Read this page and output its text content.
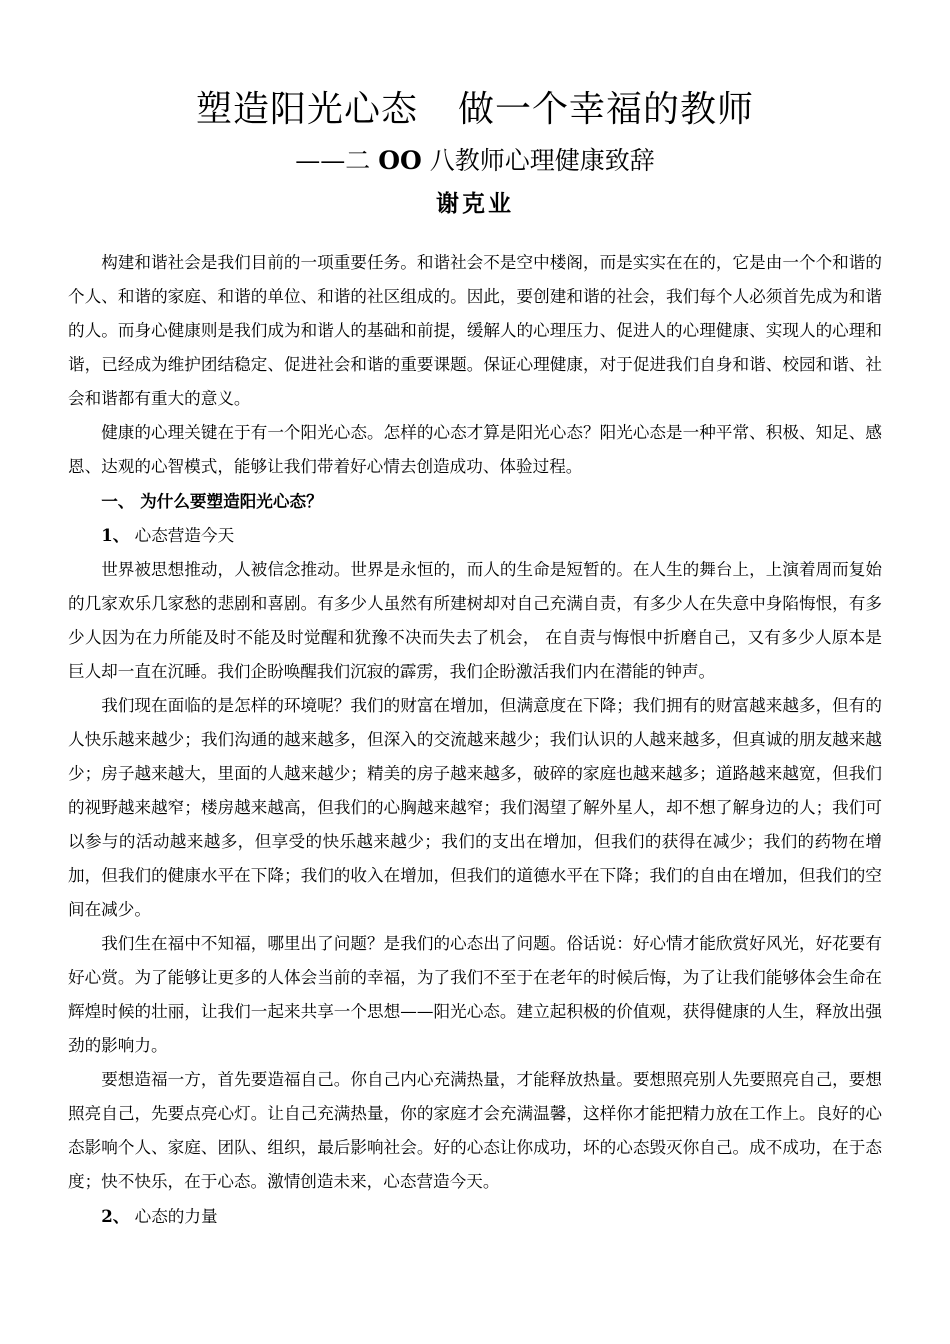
塑造阳光心态 做一个幸福的教师
——二 OO 八教师心理健康致辞
谢克业

构建和谐社会是我们目前的一项重要任务。和谐社会不是空中楼阁，而是实实在在的，它是由一个个和谐的个人、和谐的家庭、和谐的单位、和谐的社区组成的。因此，要创建和谐的社会，我们每个人必须首先成为和谐的人。而身心健康则是我们成为和谐人的基础和前提，缓解人的心理压力、促进人的心理健康、实现人的心理和谐，已经成为维护团结稳定、促进社会和谐的重要课题。保证心理健康，对于促进我们自身和谐、校园和谐、社会和谐都有重大的意义。

健康的心理关键在于有一个阳光心态。怎样的心态才算是阳光心态？阳光心态是一种平常、积极、知足、感恩、达观的心智模式，能够让我们带着好心情去创造成功、体验过程。

一、 为什么要塑造阳光心态？

1、 心态营造今天

世界被思想推动，人被信念推动。世界是永恒的，而人的生命是短暂的。在人生的舞台上，上演着周而复始的几家欢乐几家愁的悲剧和喜剧。有多少人虽然有所建树却对自己充满自责，有多少人在失意中身陷悔恨，有多少人因为在力所能及时不能及时觉醒和犹豫不决而失去了机会， 在自责与悔恨中折磨自己，又有多少人原本是巨人却一直在沉睡。我们企盼唤醒我们沉寂的霹雳，我们企盼激活我们内在潜能的钟声。

我们现在面临的是怎样的环境呢？我们的财富在增加，但满意度在下降；我们拥有的财富越来越多，但有的人快乐越来越少；我们沟通的越来越多，但深入的交流越来越少；我们认识的人越来越多，但真诚的朋友越来越少；房子越来越大，里面的人越来越少；精美的房子越来越多，破碎的家庭也越来越多；道路越来越宽，但我们的视野越来越窄；楼房越来越高，但我们的心胸越来越窄；我们渴望了解外星人，却不想了解身边的人；我们可以参与的活动越来越多，但享受的快乐越来越少；我们的支出在增加，但我们的获得在减少；我们的药物在增加，但我们的健康水平在下降；我们的收入在增加，但我们的道德水平在下降；我们的自由在增加，但我们的空间在减少。

我们生在福中不知福，哪里出了问题？是我们的心态出了问题。俗话说：好心情才能欣赏好风光，好花要有好心赏。为了能够让更多的人体会当前的幸福，为了我们不至于在老年的时候后悔，为了让我们能够体会生命在辉煌时候的壮丽，让我们一起来共享一个思想——阳光心态。建立起积极的价值观，获得健康的人生，释放出强劲的影响力。

要想造福一方，首先要造福自己。你自己内心充满热量，才能释放热量。要想照亮别人先要照亮自己，要想照亮自己，先要点亮心灯。让自己充满热量，你的家庭才会充满温馨，这样你才能把精力放在工作上。良好的心态影响个人、家庭、团队、组织，最后影响社会。好的心态让你成功，坏的心态毁灭你自己。成不成功，在于态度；快不快乐，在于心态。激情创造未来，心态营造今天。

2、 心态的力量
